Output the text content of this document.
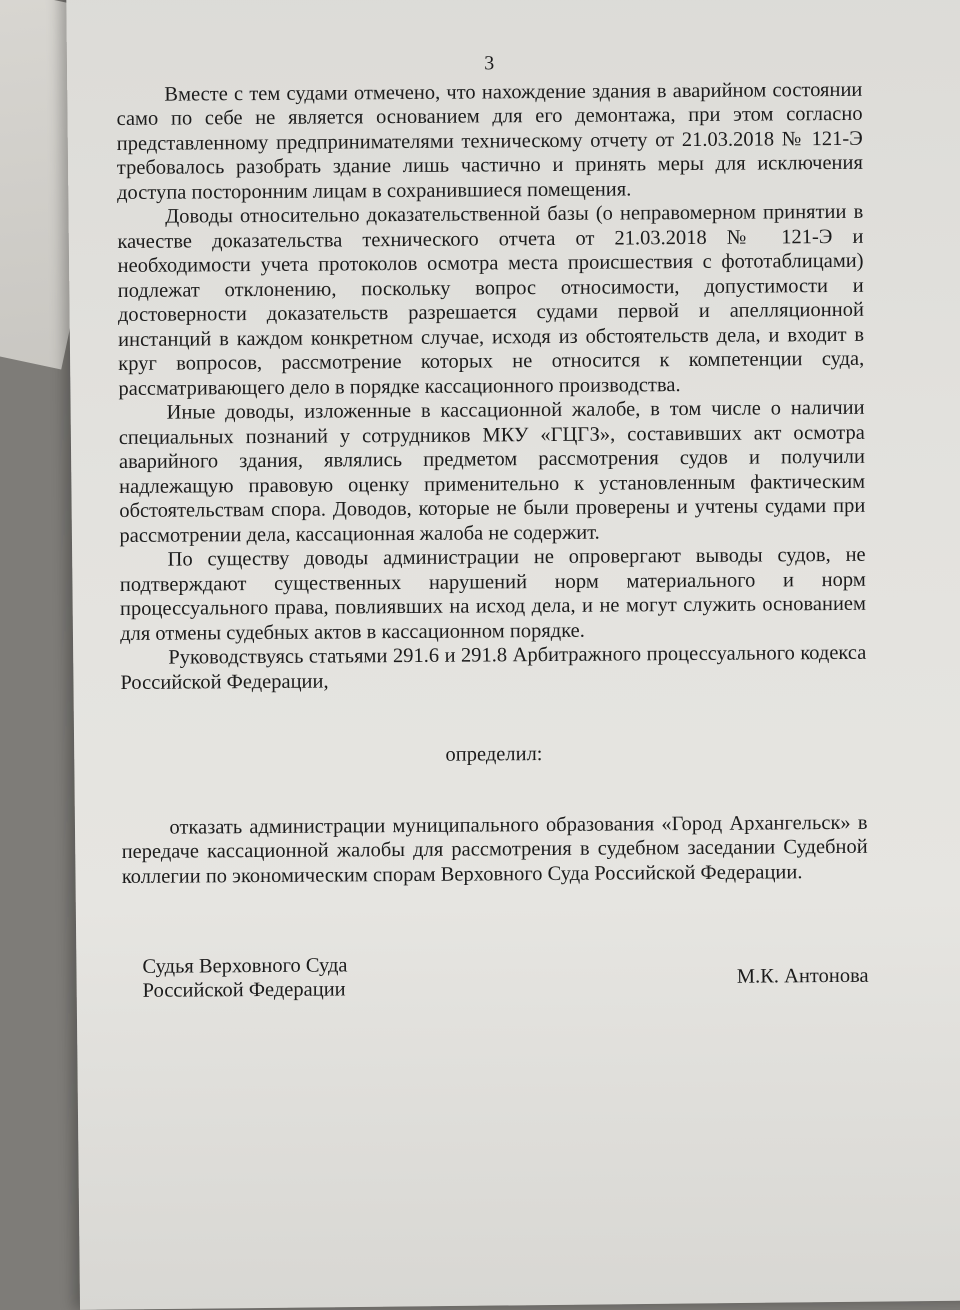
3

Вместе с тем судами отмечено, что нахождение здания в аварийном состоянии само по себе не является основанием для его демонтажа, при этом согласно представленному предпринимателями техническому отчету от 21.03.2018 № 121-Э требовалось разобрать здание лишь частично и принять меры для исключения доступа посторонним лицам в сохранившиеся помещения.

Доводы относительно доказательственной базы (о неправомерном принятии в качестве доказательства технического отчета от 21.03.2018 № 121-Э и необходимости учета протоколов осмотра места происшествия с фототаблицами) подлежат отклонению, поскольку вопрос относимости, допустимости и достоверности доказательств разрешается судами первой и апелляционной инстанций в каждом конкретном случае, исходя из обстоятельств дела, и входит в круг вопросов, рассмотрение которых не относится к компетенции суда, рассматривающего дело в порядке кассационного производства.

Иные доводы, изложенные в кассационной жалобе, в том числе о наличии специальных познаний у сотрудников МКУ «ГЦГЗ», составивших акт осмотра аварийного здания, являлись предметом рассмотрения судов и получили надлежащую правовую оценку применительно к установленным фактическим обстоятельствам спора. Доводов, которые не были проверены и учтены судами при рассмотрении дела, кассационная жалоба не содержит.

По существу доводы администрации не опровергают выводы судов, не подтверждают существенных нарушений норм материального и норм процессуального права, повлиявших на исход дела, и не могут служить основанием для отмены судебных актов в кассационном порядке.

Руководствуясь статьями 291.6 и 291.8 Арбитражного процессуального кодекса Российской Федерации,

определил:

отказать администрации муниципального образования «Город Архангельск» в передаче кассационной жалобы для рассмотрения в судебном заседании Судебной коллегии по экономическим спорам Верховного Суда Российской Федерации.

Судья Верховного Суда
Российской Федерации
М.К. Антонова
